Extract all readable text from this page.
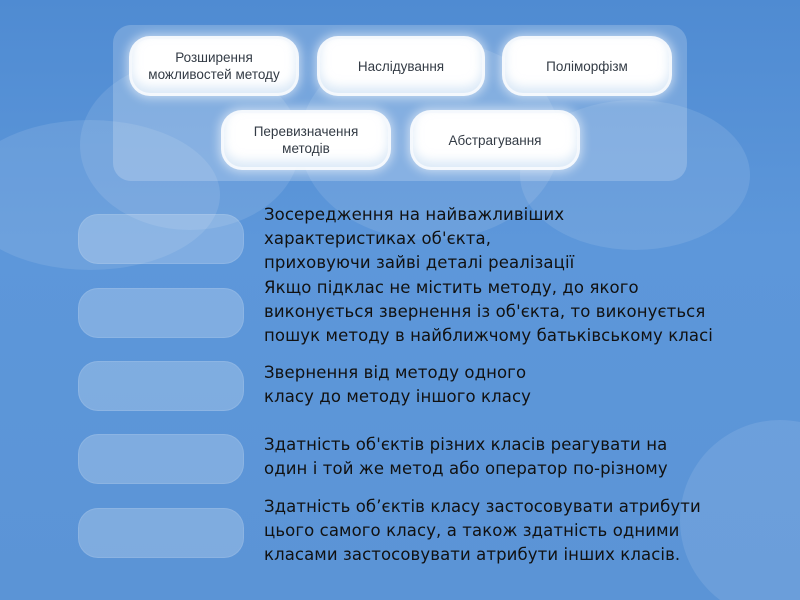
Розширення
можливостей методу
Наслідування	Поліморфізм
Перевизначення
методів
Абстрагування
Зосередження на найважливіших
характеристиках об'єкта,
приховуючи зайві деталі реалізації
Якщо підклас не містить методу, до якого
виконується звернення із об'єкта, то виконується
пошук методу в найближчому батьківському класі
Звернення від методу одного
класу до методу іншого класу
Здатність об'єктів різних класів реагувати на
один і той же метод або оператор по-різному
Здатність об’єктів класу застосовувати атрибути
цього самого класу, а також здатність одними
класами застосовувати атрибути інших класів.
